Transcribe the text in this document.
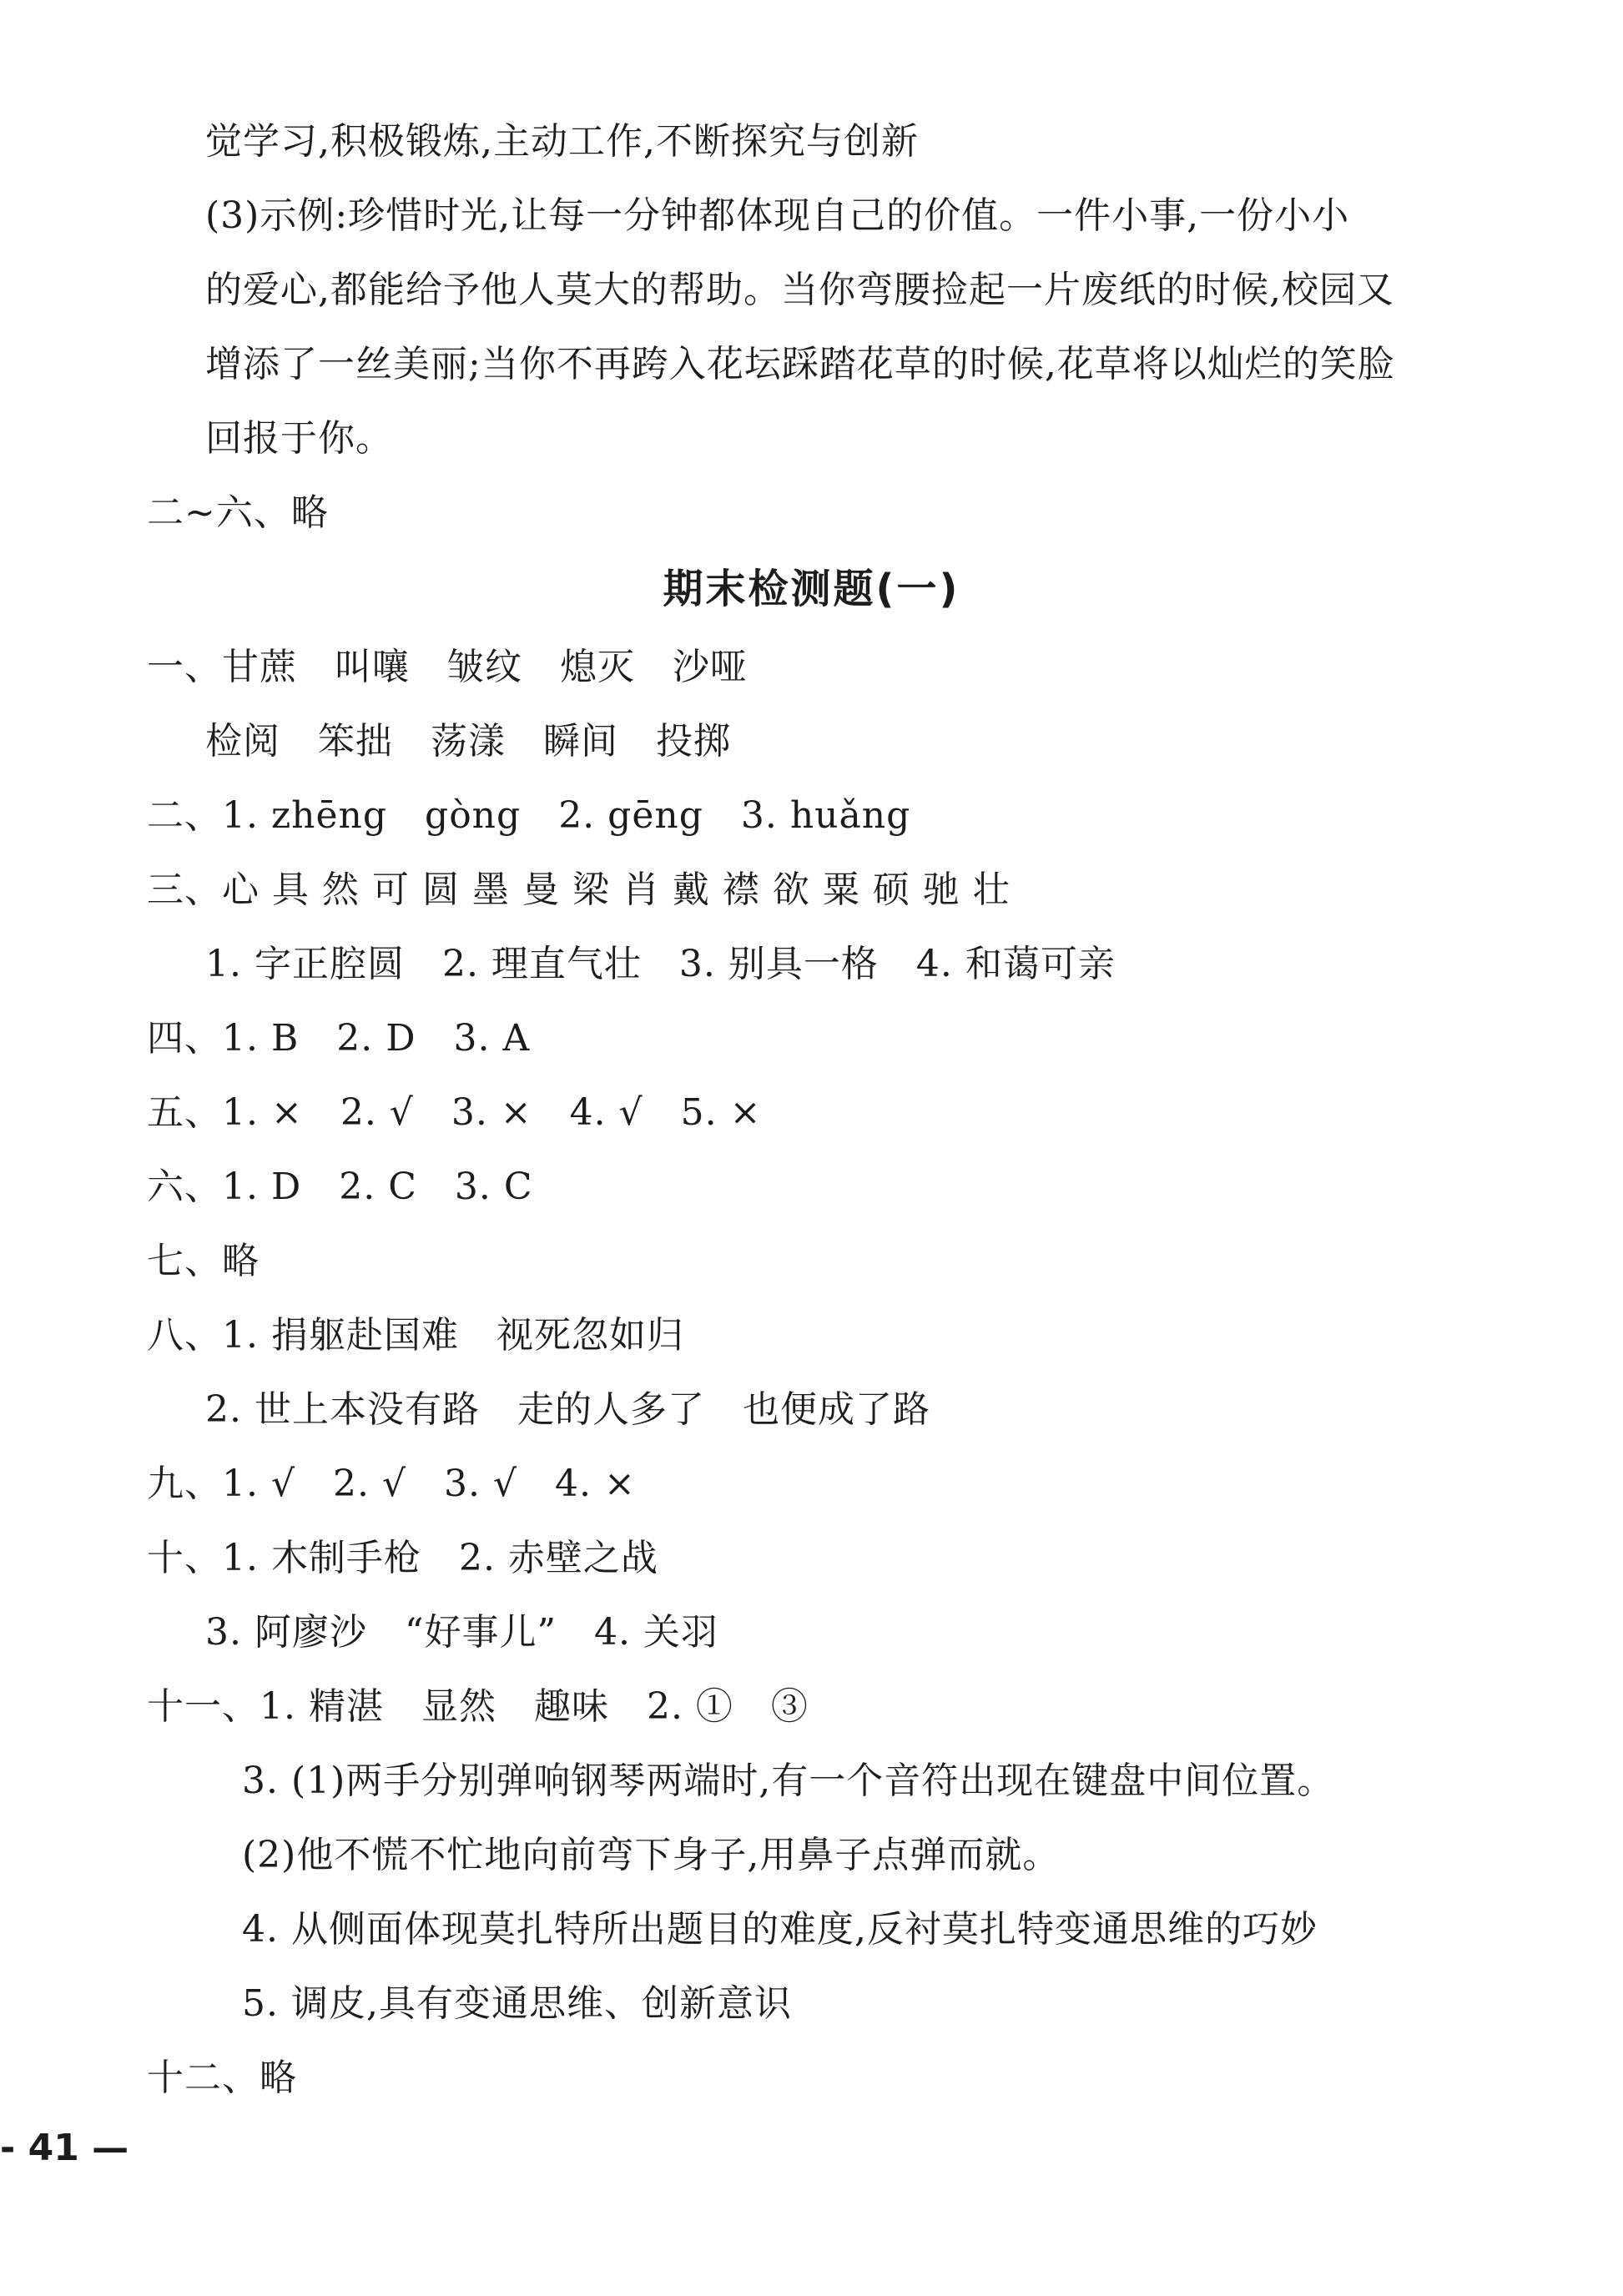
觉学习,积极锻炼,主动工作,不断探究与创新
(3)示例:珍惜时光,让每一分钟都体现自己的价值。一件小事,一份小小
的爱心,都能给予他人莫大的帮助。当你弯腰捡起一片废纸的时候,校园又
增添了一丝美丽;当你不再跨入花坛踩踏花草的时候,花草将以灿烂的笑脸
回报于你。
二~六、略
期末检测题(一)
一、甘蔗　叫嚷　皱纹　熄灭　沙哑
检阅　笨拙　荡漾　瞬间　投掷
二、1. zhēng　gòng　2. gēng　3. huǎng
三、心 具 然 可 圆 墨 曼 梁 肖 戴 襟 欲 粟 硕 驰 壮
1. 字正腔圆　2. 理直气壮　3. 别具一格　4. 和蔼可亲
四、1. B　2. D　3. A
五、1. ×　2. √　3. ×　4. √　5. ×
六、1. D　2. C　3. C
七、略
八、1. 捐躯赴国难　视死忽如归
2. 世上本没有路　走的人多了　也便成了路
九、1. √　2. √　3. √　4. ×
十、1. 木制手枪　2. 赤壁之战
3. 阿廖沙　“好事儿”　4. 关羽
十一、1. 精湛　显然　趣味　2. ①　③
3. (1)两手分别弹响钢琴两端时,有一个音符出现在键盘中间位置。
(2)他不慌不忙地向前弯下身子,用鼻子点弹而就。
4. 从侧面体现莫扎特所出题目的难度,反衬莫扎特变通思维的巧妙
5. 调皮,具有变通思维、创新意识
十二、略
- 41 —
